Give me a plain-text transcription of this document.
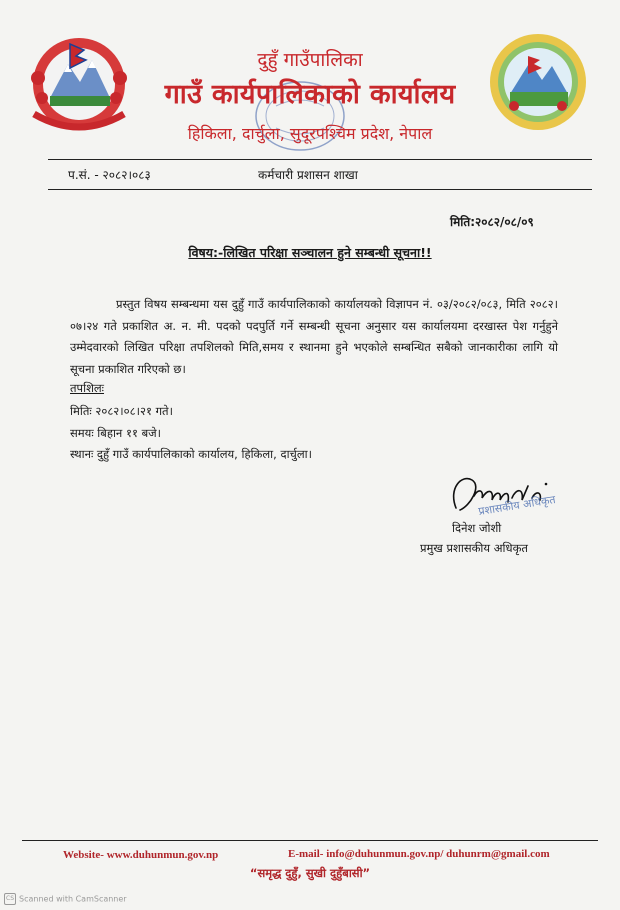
दुहुँ गाउँपालिका
गाउँ कार्यपालिकाको कार्यालय
हिकिला, दार्चुला, सुदूरपश्चिम प्रदेश, नेपाल
प.सं. - २०८२।०८३	कर्मचारी प्रशासन शाखा
मिति:२०८२/०८/०९
विषय:-लिखित परिक्षा सञ्चालन हुने सम्बन्धी सूचना!!
प्रस्तुत विषय सम्बन्धमा यस दुहुँ गाउँ कार्यपालिकाको कार्यालयको विज्ञापन नं. ०३/२०८२/०८३, मिति २०८२।०७।२४ गते प्रकाशित अ. न. मी. पदको पदपुर्ति गर्ने सम्बन्धी सूचना अनुसार यस कार्यालयमा दरखास्त पेश गर्नुहुने उम्मेदवारको लिखित परिक्षा तपशिलको मिति,समय र स्थानमा हुने भएकोले सम्बन्धित सबैको जानकारीका लागि यो सूचना प्रकाशित गरिएको छ।
तपशिलः
मितिः २०८२।०८।२१ गते।
समयः बिहान ११ बजे।
स्थानः दुहुँ गाउँ कार्यपालिकाको कार्यालय, हिकिला, दार्चुला।
प्रशासकीय अधिकृत
दिनेश जोशी
प्रमुख प्रशासकीय अधिकृत
Website- www.duhunmun.gov.np	E-mail- info@duhunmun.gov.np/ duhunrm@gmail.com
“समृद्ध दुहुँ, सुखी दुहुँबासी”
CS Scanned with CamScanner
